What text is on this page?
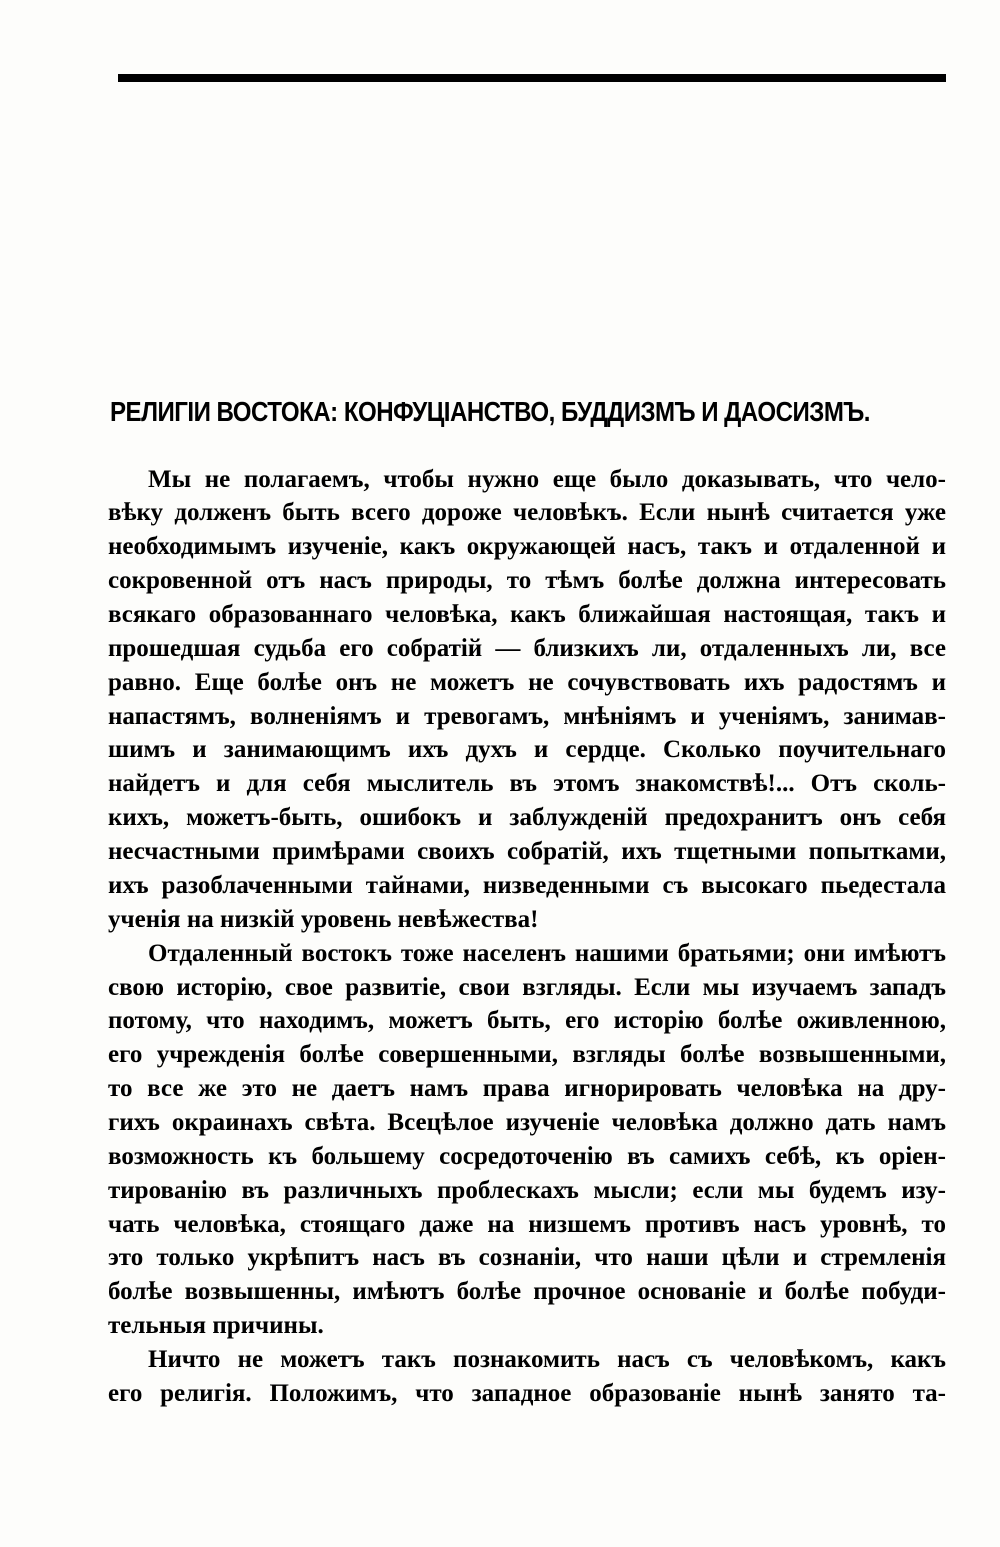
РЕЛИГІИ ВОСТОКА: КОНФУЦІАНСТВО, БУДДИЗМЪ И ДАОСИЗМЪ.

Мы не полагаемъ, чтобы нужно еще было доказывать, что чело-

вѣку долженъ быть всего дороже человѣкъ. Если нынѣ считается уже

необходимымъ изученіе, какъ окружающей насъ, такъ и отдаленной и

сокровенной отъ насъ природы, то тѣмъ болѣе должна интересовать

всякаго образованнаго человѣка, какъ ближайшая настоящая, такъ и

прошедшая судьба его собратій — близкихъ ли, отдаленныхъ ли, все

равно. Еще болѣе онъ не можетъ не сочувствовать ихъ радостямъ и

напастямъ, волненіямъ и тревогамъ, мнѣніямъ и ученіямъ, занимав-

шимъ и занимающимъ ихъ духъ и сердце. Сколько поучительнаго

найдетъ и для себя мыслитель въ этомъ знакомствѣ!... Отъ сколь-

кихъ, можетъ-быть, ошибокъ и заблужденій предохранитъ онъ себя

несчастными примѣрами своихъ собратій, ихъ тщетными попытками,

ихъ разоблаченными тайнами, низведенными съ высокаго пьедестала

ученія на низкій уровень невѣжества!

Отдаленный востокъ тоже населенъ нашими братьями; они имѣютъ

свою исторію, свое развитіе, свои взгляды. Если мы изучаемъ западъ

потому, что находимъ, можетъ быть, его исторію болѣе оживленною,

его учрежденія болѣе совершенными, взгляды болѣе возвышенными,

то все же это не даетъ намъ права игнорировать человѣка на дру-

гихъ окраинахъ свѣта. Всецѣлое изученіе человѣка должно дать намъ

возможность къ большему сосредоточенію въ самихъ себѣ, къ оріен-

тированію въ различныхъ проблескахъ мысли; если мы будемъ изу-

чать человѣка, стоящаго даже на низшемъ противъ насъ уровнѣ, то

это только укрѣпитъ насъ въ сознаніи, что наши цѣли и стремленія

болѣе возвышенны, имѣютъ болѣе прочное основаніе и болѣе побуди-

тельныя причины.

Ничто не можетъ такъ познакомить насъ съ человѣкомъ, какъ

его религія. Положимъ, что западное образованіе нынѣ занято та-
